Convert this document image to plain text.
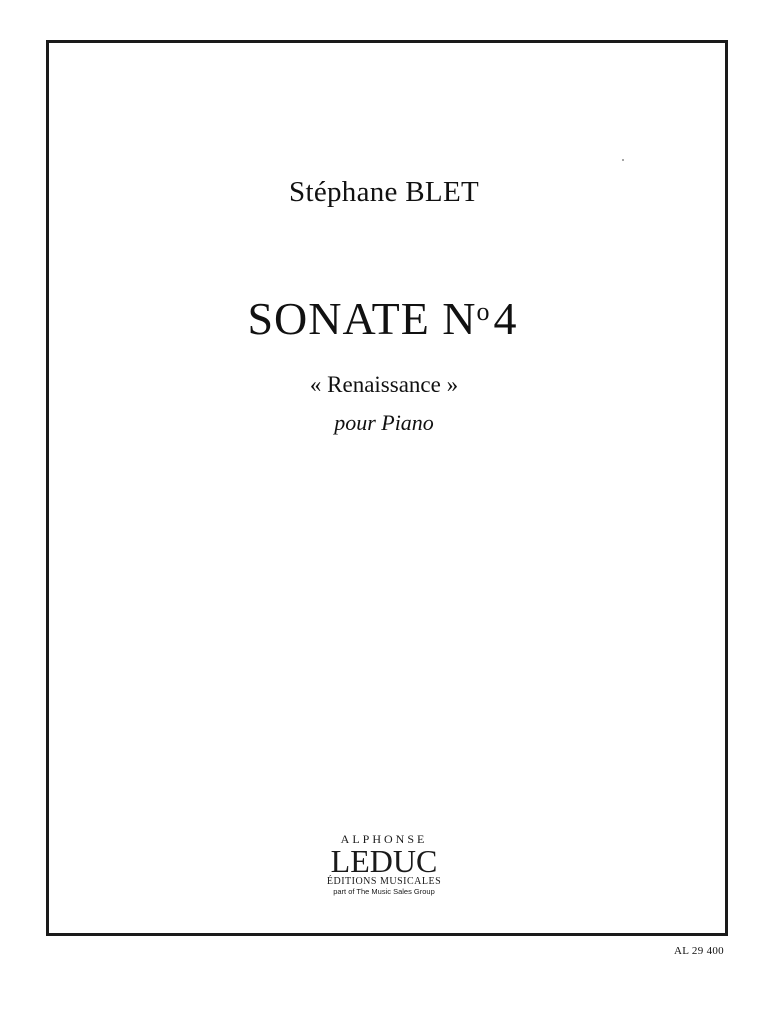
Stéphane BLET
SONATE $N^o4$
« Renaissance »
pour Piano
ALPHONSE
LEDUC
ÉDITIONS MUSICALES
part of The Music Sales Group
AL 29 400
